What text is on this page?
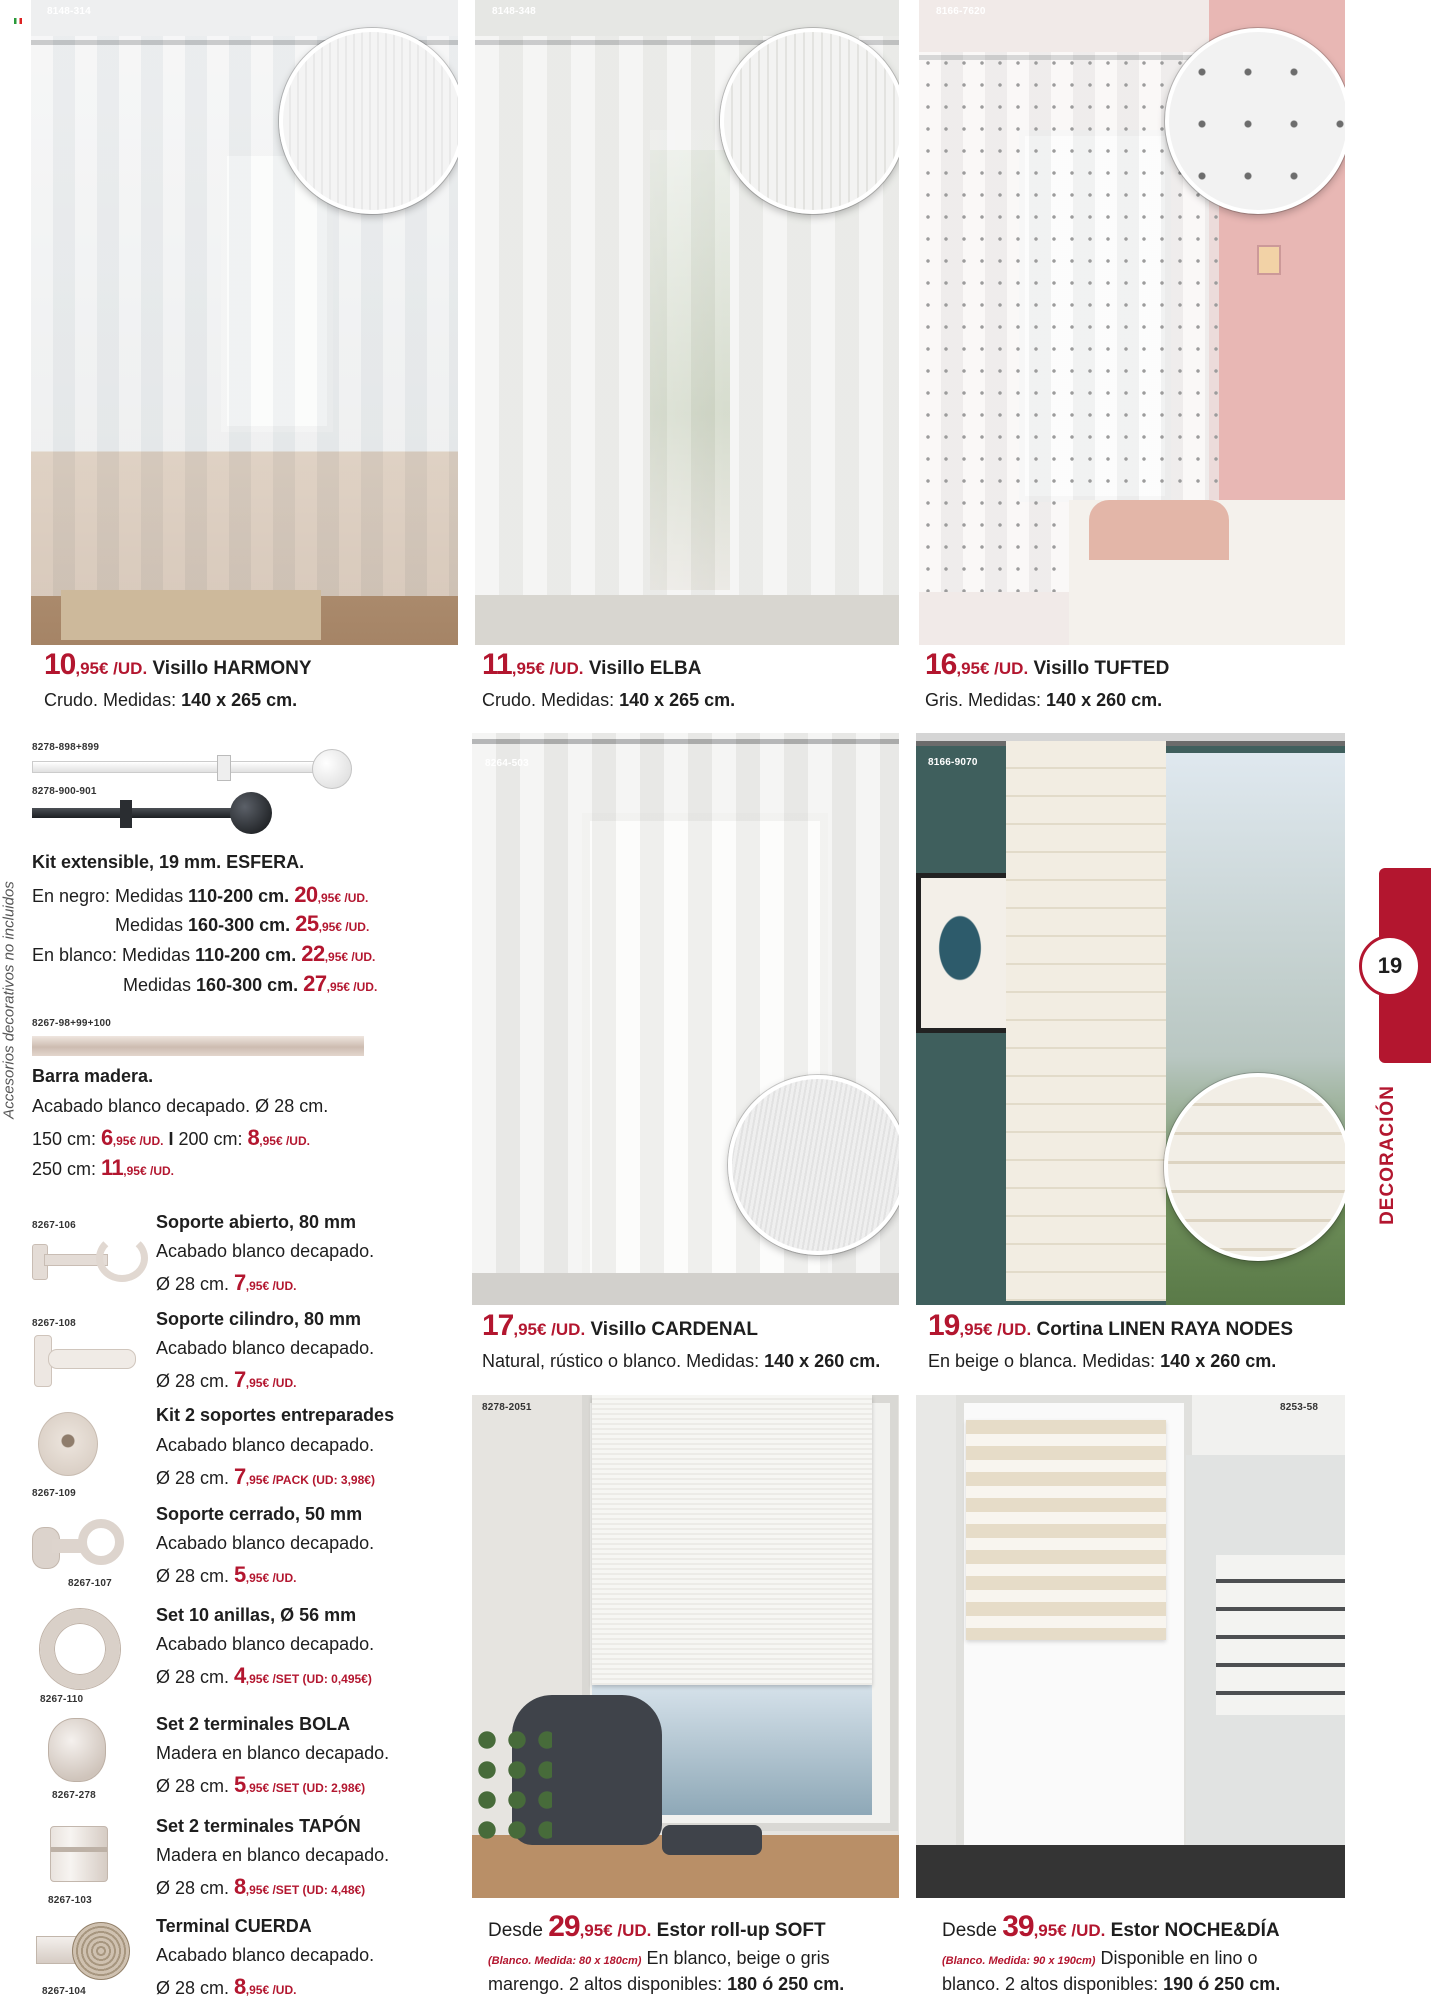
8148-314	8148-348	8166-7620
10,95€ /UD. Visillo HARMONY
Crudo. Medidas: 140 x 265 cm.
11,95€ /UD. Visillo ELBA
Crudo. Medidas: 140 x 265 cm.
16,95€ /UD. Visillo TUFTED
Gris. Medidas: 140 x 260 cm.
8278-898+899
8278-900-901
Kit extensible, 19 mm. ESFERA.
En negro: Medidas 110-200 cm. 20,95€ /UD.
Medidas 160-300 cm. 25,95€ /UD.
En blanco: Medidas 110-200 cm. 22,95€ /UD.
Medidas 160-300 cm. 27,95€ /UD.
8267-98+99+100
Barra madera.
Acabado blanco decapado. Ø 28 cm.
150 cm: 6,95€ /UD. I 200 cm: 8,95€ /UD.
250 cm: 11,95€ /UD.
8267-106	Soporte abierto, 80 mm
Acabado blanco decapado.
Ø 28 cm. 7,95€ /UD.
8267-108	Soporte cilindro, 80 mm
Acabado blanco decapado.
Ø 28 cm. 7,95€ /UD.
8267-109
Kit 2 soportes entreparades
Acabado blanco decapado.
Ø 28 cm. 7,95€ /PACK (UD: 3,98€)
8267-107
Soporte cerrado, 50 mm
Acabado blanco decapado.
Ø 28 cm. 5,95€ /UD.
8267-110
Set 10 anillas, Ø 56 mm
Acabado blanco decapado.
Ø 28 cm. 4,95€ /SET (UD: 0,495€)
8267-278
Set 2 terminales BOLA
Madera en blanco decapado.
Ø 28 cm. 5,95€ /SET (UD: 2,98€)
8267-103
Set 2 terminales TAPÓN
Madera en blanco decapado.
Ø 28 cm. 8,95€ /SET (UD: 4,48€)
8267-104
Terminal CUERDA
Acabado blanco decapado.
Ø 28 cm. 8,95€ /UD.
8264-503	8166-9070
17,95€ /UD. Visillo CARDENAL
Natural, rústico o blanco. Medidas: 140 x 260 cm.
19,95€ /UD. Cortina LINEN RAYA NODES
En beige o blanca. Medidas: 140 x 260 cm.
8278-2051	8253-58
Desde 29,95€ /UD. Estor roll-up SOFT
(Blanco. Medida: 80 x 180cm) En blanco, beige o gris
marengo. 2 altos disponibles: 180 ó 250 cm.
Desde 39,95€ /UD. Estor NOCHE&DÍA
(Blanco. Medida: 90 x 190cm) Disponible en lino o
blanco. 2 altos disponibles: 190 ó 250 cm.
Accesorios decorativos no incluidos	19
DECORACIÓN
